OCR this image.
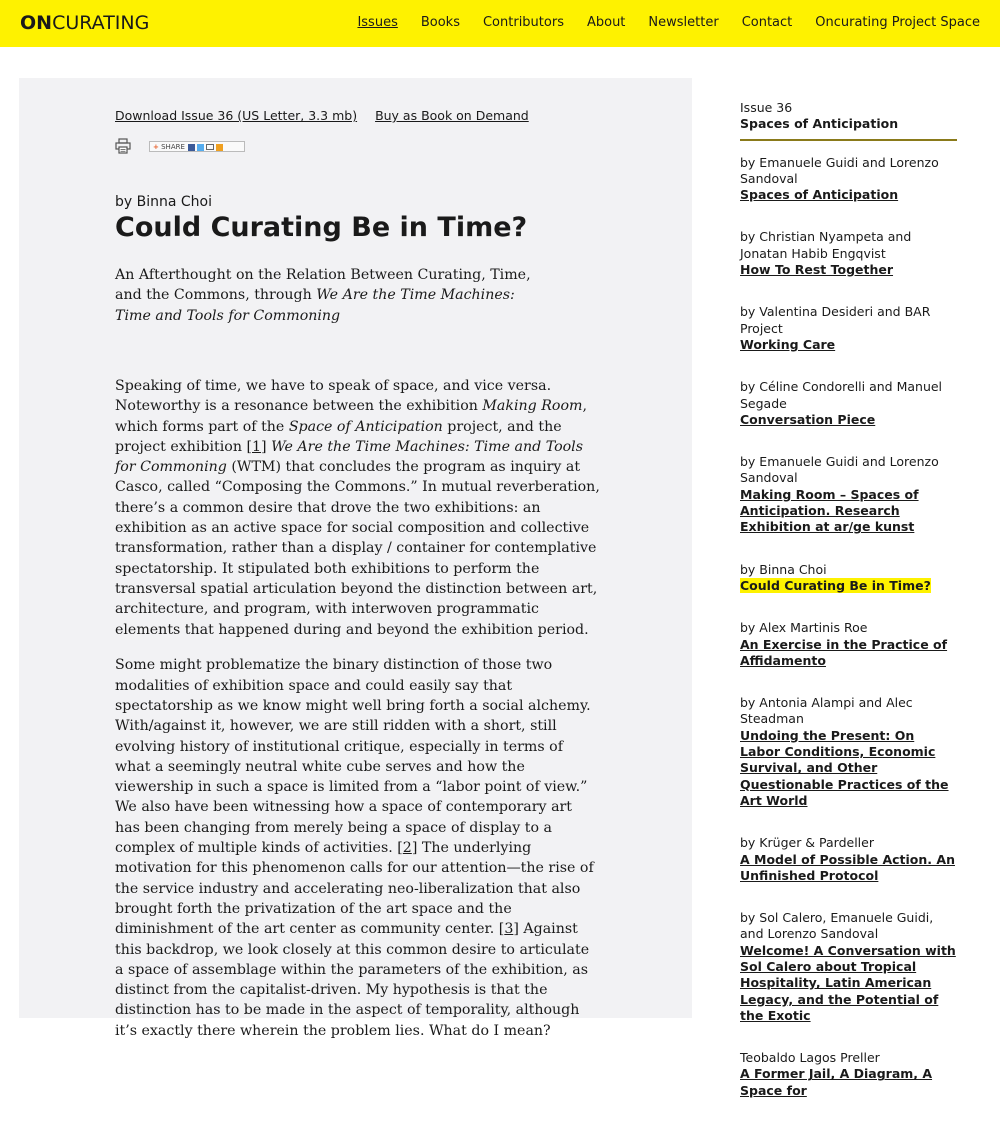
ONCURATING	Issues Books Contributors About Newsletter Contact Oncurating Project Space
Download Issue 36 (US Letter, 3.3 mb) Buy as Book on Demand
+ SHARE
by Binna Choi
Could Curating Be in Time?
An Afterthought on the Relation Between Curating, Time, and the Commons, through We Are the Time Machines: Time and Tools for Commoning

Speaking of time, we have to speak of space, and vice versa. Noteworthy is a resonance between the exhibition Making Room, which forms part of the Space of Anticipation project, and the project exhibition [1] We Are the Time Machines: Time and Tools for Commoning (WTM) that concludes the program as inquiry at Casco, called “Composing the Commons.” In mutual reverberation, there’s a common desire that drove the two exhibitions: an exhibition as an active space for social composition and collective transformation, rather than a display / container for contemplative spectatorship. It stipulated both exhibitions to perform the transversal spatial articulation beyond the distinction between art, architecture, and program, with interwoven programmatic elements that happened during and beyond the exhibition period.

Some might problematize the binary distinction of those two modalities of exhibition space and could easily say that spectatorship as we know might well bring forth a social alchemy. With/against it, however, we are still ridden with a short, still evolving history of institutional critique, especially in terms of what a seemingly neutral white cube serves and how the viewership in such a space is limited from a “labor point of view.” We also have been witnessing how a space of contemporary art has been changing from merely being a space of display to a complex of multiple kinds of activities. [2] The underlying motivation for this phenomenon calls for our attention—the rise of the service industry and accelerating neo-liberalization that also brought forth the privatization of the art space and the diminishment of the art center as community center. [3] Against this backdrop, we look closely at this common desire to articulate a space of assemblage within the parameters of the exhibition, as distinct from the capitalist-driven. My hypothesis is that the distinction has to be made in the aspect of temporality, although it’s exactly there wherein the problem lies. What do I mean?

Issue 36
Spaces of Anticipation
by Emanuele Guidi and Lorenzo Sandoval
Spaces of Anticipation
by Christian Nyampeta and Jonatan Habib Engqvist
How To Rest Together
by Valentina Desideri and BAR Project
Working Care
by Céline Condorelli and Manuel Segade
Conversation Piece
by Emanuele Guidi and Lorenzo Sandoval
Making Room – Spaces of Anticipation. Research Exhibition at ar/ge kunst
by Binna Choi
Could Curating Be in Time?
by Alex Martinis Roe
An Exercise in the Practice of Affidamento
by Antonia Alampi and Alec Steadman
Undoing the Present: On Labor Conditions, Economic Survival, and Other Questionable Practices of the Art World
by Krüger & Pardeller
A Model of Possible Action. An Unfinished Protocol
by Sol Calero, Emanuele Guidi, and Lorenzo Sandoval
Welcome! A Conversation with Sol Calero about Tropical Hospitality, Latin American Legacy, and the Potential of the Exotic
Teobaldo Lagos Preller
A Former Jail, A Diagram, A Space for
